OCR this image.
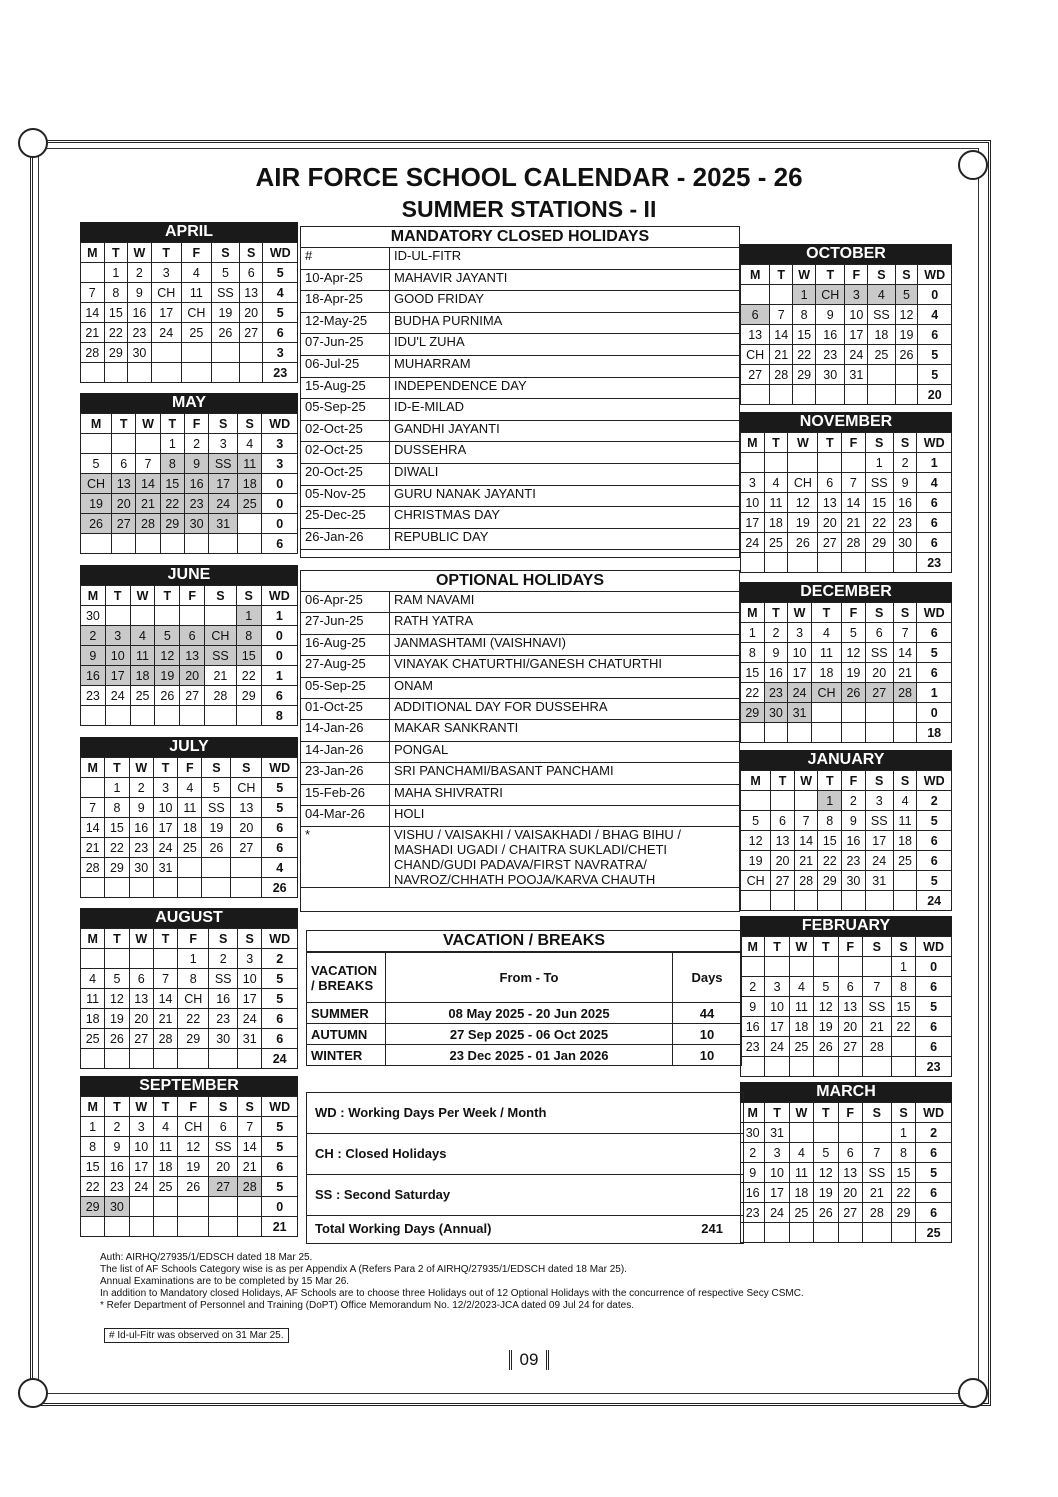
AIR FORCE SCHOOL CALENDAR - 2025 - 26
SUMMER STATIONS - II
APRIL
M	T	W	T	F	S	S	WD
	1	2	3	4	5	6	5
7	8	9	CH	11	SS	13	4
14	15	16	17	CH	19	20	5
21	22	23	24	25	26	27	6
28	29	30					3
							23
MAY
M	T	W	T	F	S	S	WD
			1	2	3	4	3
5	6	7	8	9	SS	11	3
CH	13	14	15	16	17	18	0
19	20	21	22	23	24	25	0
26	27	28	29	30	31		0
							6
JUNE
M	T	W	T	F	S	S	WD
30						1	1
2	3	4	5	6	CH	8	0
9	10	11	12	13	SS	15	0
16	17	18	19	20	21	22	1
23	24	25	26	27	28	29	6
							8
JULY
M	T	W	T	F	S	S	WD
	1	2	3	4	5	CH	5
7	8	9	10	11	SS	13	5
14	15	16	17	18	19	20	6
21	22	23	24	25	26	27	6
28	29	30	31				4
							26
AUGUST
M	T	W	T	F	S	S	WD
				1	2	3	2
4	5	6	7	8	SS	10	5
11	12	13	14	CH	16	17	5
18	19	20	21	22	23	24	6
25	26	27	28	29	30	31	6
							24
SEPTEMBER
M	T	W	T	F	S	S	WD
1	2	3	4	CH	6	7	5
8	9	10	11	12	SS	14	5
15	16	17	18	19	20	21	6
22	23	24	25	26	27	28	5
29	30						0
							21
OCTOBER
M	T	W	T	F	S	S	WD
		1	CH	3	4	5	0
6	7	8	9	10	SS	12	4
13	14	15	16	17	18	19	6
CH	21	22	23	24	25	26	5
27	28	29	30	31			5
							20
NOVEMBER
M	T	W	T	F	S	S	WD
					1	2	1
3	4	CH	6	7	SS	9	4
10	11	12	13	14	15	16	6
17	18	19	20	21	22	23	6
24	25	26	27	28	29	30	6
							23
DECEMBER
M	T	W	T	F	S	S	WD
1	2	3	4	5	6	7	6
8	9	10	11	12	SS	14	5
15	16	17	18	19	20	21	6
22	23	24	CH	26	27	28	1
29	30	31					0
							18
JANUARY
M	T	W	T	F	S	S	WD
			1	2	3	4	2
5	6	7	8	9	SS	11	5
12	13	14	15	16	17	18	6
19	20	21	22	23	24	25	6
CH	27	28	29	30	31		5
							24
FEBRUARY
M	T	W	T	F	S	S	WD
						1	0
2	3	4	5	6	7	8	6
9	10	11	12	13	SS	15	5
16	17	18	19	20	21	22	6
23	24	25	26	27	28		6
							23
MARCH
M	T	W	T	F	S	S	WD
30	31					1	2
2	3	4	5	6	7	8	6
9	10	11	12	13	SS	15	5
16	17	18	19	20	21	22	6
23	24	25	26	27	28	29	6
							25
MANDATORY CLOSED HOLIDAYS
#	ID-UL-FITR
10-Apr-25	MAHAVIR JAYANTI
18-Apr-25	GOOD FRIDAY
12-May-25	BUDHA PURNIMA
07-Jun-25	IDU'L ZUHA
06-Jul-25	MUHARRAM
15-Aug-25	INDEPENDENCE DAY
05-Sep-25	ID-E-MILAD
02-Oct-25	GANDHI JAYANTI
02-Oct-25	DUSSEHRA
20-Oct-25	DIWALI
05-Nov-25	GURU NANAK JAYANTI
25-Dec-25	CHRISTMAS DAY
26-Jan-26	REPUBLIC DAY
OPTIONAL HOLIDAYS
06-Apr-25	RAM NAVAMI
27-Jun-25	RATH YATRA
16-Aug-25	JANMASHTAMI (VAISHNAVI)
27-Aug-25	VINAYAK CHATURTHI/GANESH CHATURTHI
05-Sep-25	ONAM
01-Oct-25	ADDITIONAL DAY FOR DUSSEHRA
14-Jan-26	MAKAR SANKRANTI
14-Jan-26	PONGAL
23-Jan-26	SRI PANCHAMI/BASANT PANCHAMI
15-Feb-26	MAHA SHIVRATRI
04-Mar-26	HOLI
*	VISHU / VAISAKHI / VAISAKHADI / BHAG BIHU / MASHADI UGADI / CHAITRA SUKLADI/CHETI CHAND/GUDI PADAVA/FIRST NAVRATRA/ NAVROZ/CHHATH POOJA/KARVA CHAUTH
VACATION / BREAKS
VACATION / BREAKS	From - To	Days
SUMMER	08 May 2025 - 20 Jun 2025	44
AUTUMN	27 Sep 2025 - 06 Oct 2025	10
WINTER	23 Dec 2025 - 01 Jan 2026	10
WD : Working Days Per Week / Month
CH : Closed Holidays
SS : Second Saturday
Total Working Days (Annual)	241
Auth: AIRHQ/27935/1/EDSCH dated 18 Mar 25.
The list of AF Schools Category wise is as per Appendix A (Refers Para 2 of AIRHQ/27935/1/EDSCH dated 18 Mar 25).
Annual Examinations are to be completed by 15 Mar 26.
In addition to Mandatory closed Holidays, AF Schools are to choose three Holidays out of 12 Optional Holidays with the concurrence of respective Secy CSMC.
* Refer Department of Personnel and Training (DoPT) Office Memorandum No. 12/2/2023-JCA dated 09 Jul 24 for dates.
# Id-ul-Fitr was observed on 31 Mar 25.
09
